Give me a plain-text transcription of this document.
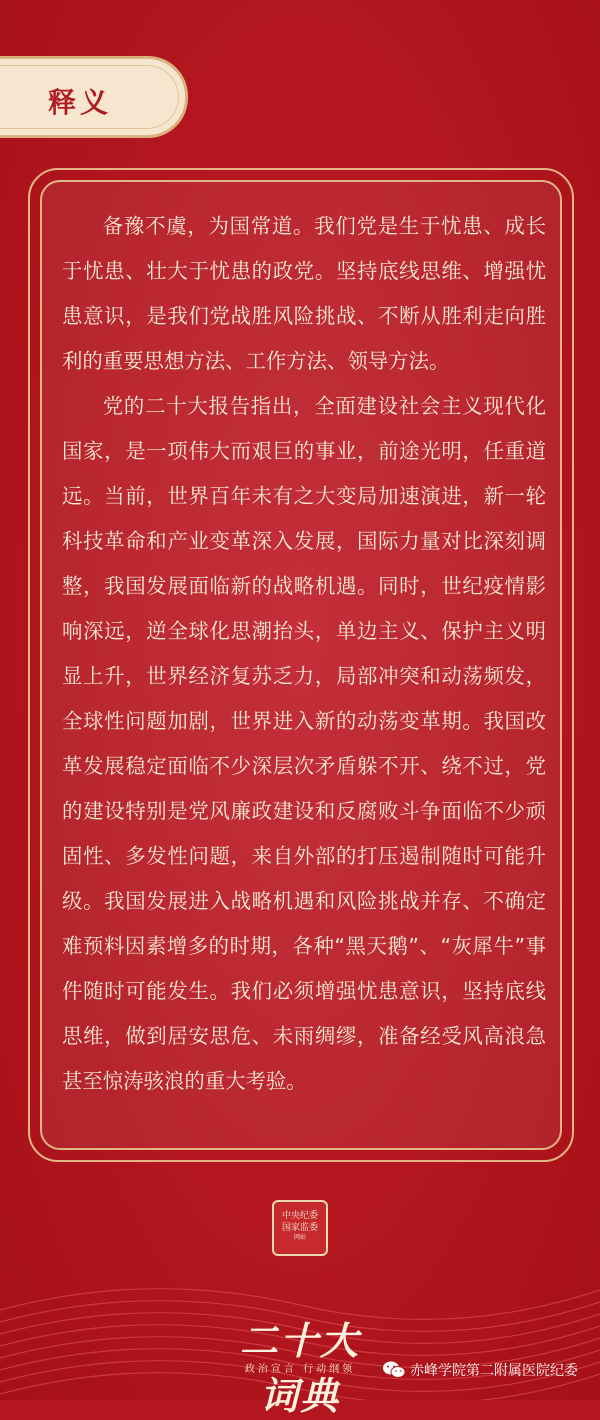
释义

备豫不虞，为国常道。我们党是生于忧患、成长于忧患、壮大于忧患的政党。坚持底线思维、增强忧患意识，是我们党战胜风险挑战、不断从胜利走向胜利的重要思想方法、工作方法、领导方法。

党的二十大报告指出，全面建设社会主义现代化国家，是一项伟大而艰巨的事业，前途光明，任重道远。当前，世界百年未有之大变局加速演进，新一轮科技革命和产业变革深入发展，国际力量对比深刻调整，我国发展面临新的战略机遇。同时，世纪疫情影响深远，逆全球化思潮抬头，单边主义、保护主义明显上升，世界经济复苏乏力，局部冲突和动荡频发，全球性问题加剧，世界进入新的动荡变革期。我国改革发展稳定面临不少深层次矛盾躲不开、绕不过，党的建设特别是党风廉政建设和反腐败斗争面临不少顽固性、多发性问题，来自外部的打压遏制随时可能升级。我国发展进入战略机遇和风险挑战并存、不确定难预料因素增多的时期，各种“黑天鹅”、“灰犀牛”事件随时可能发生。我们必须增强忧患意识，坚持底线思维，做到居安思危、未雨绸缪，准备经受风高浪急甚至惊涛骇浪的重大考验。

中央纪委
国家监委
网站
二十大词典
政治宣言 行动纲领	赤峰学院第二附属医院纪委
